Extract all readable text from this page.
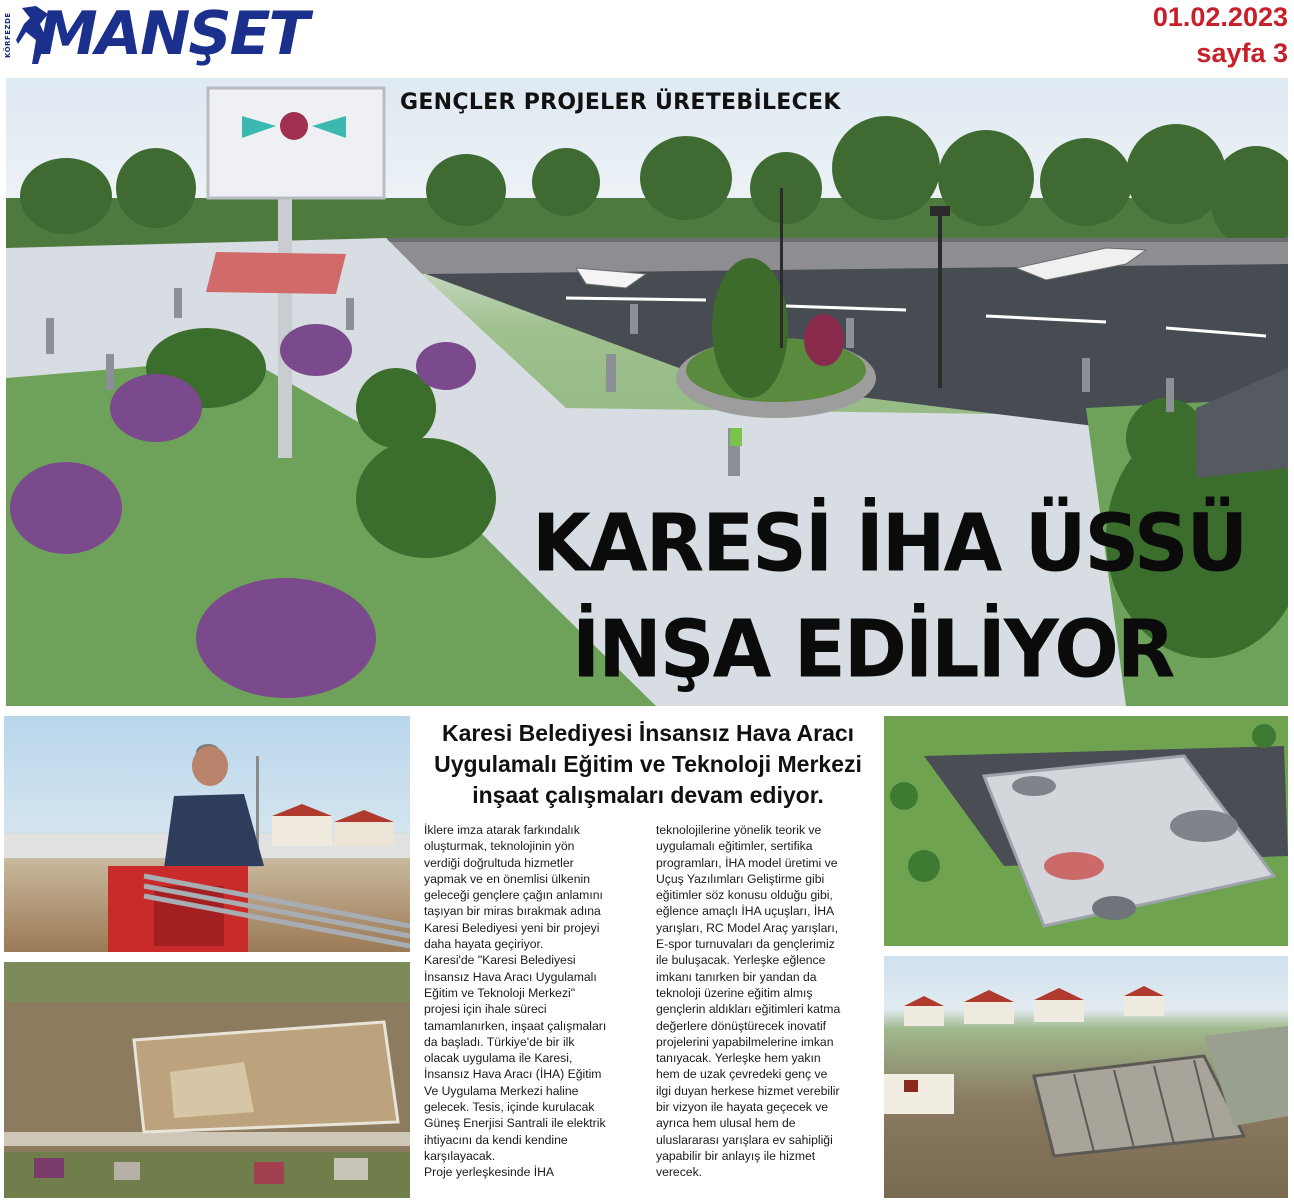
KÖRFEZDE MANŞET	01.02.2023
sayfa 3
GENÇLER PROJELER ÜRETEBİLECEK
KARESİ İHA ÜSSÜ
İNŞA EDİLİYOR
Karesi Belediyesi İnsansız Hava Aracı
Uygulamalı Eğitim ve Teknoloji Merkezi
inşaat çalışmaları devam ediyor.

İklere imza atarak farkındalık

oluşturmak, teknolojinin yön

verdiği doğrultuda hizmetler

yapmak ve en önemlisi ülkenin

geleceği gençlere çağın anlamını

taşıyan bir miras bırakmak adına

Karesi Belediyesi yeni bir projeyi

daha hayata geçiriyor.

Karesi'de "Karesi Belediyesi

İnsansız Hava Aracı Uygulamalı

Eğitim ve Teknoloji Merkezi"

projesi için ihale süreci

tamamlanırken, inşaat çalışmaları

da başladı. Türkiye'de bir ilk

olacak uygulama ile Karesi,

İnsansız Hava Aracı (İHA) Eğitim

Ve Uygulama Merkezi haline

gelecek. Tesis, içinde kurulacak

Güneş Enerjisi Santrali ile elektrik

ihtiyacını da kendi kendine

karşılayacak.

Proje yerleşkesinde İHA

teknolojilerine yönelik teorik ve

uygulamalı eğitimler, sertifika

programları, İHA model üretimi ve

Uçuş Yazılımları Geliştirme gibi

eğitimler söz konusu olduğu gibi,

eğlence amaçlı İHA uçuşları, İHA

yarışları, RC Model Araç yarışları,

E-spor turnuvaları da gençlerimiz

ile buluşacak. Yerleşke eğlence

imkanı tanırken bir yandan da

teknoloji üzerine eğitim almış

gençlerin aldıkları eğitimleri katma

değerlere dönüştürecek inovatif

projelerini yapabilmelerine imkan

tanıyacak. Yerleşke hem yakın

hem de uzak çevredeki genç ve

ilgi duyan herkese hizmet verebilir

bir vizyon ile hayata geçecek ve

ayrıca hem ulusal hem de

uluslararası yarışlara ev sahipliği

yapabilir bir anlayış ile hizmet

verecek.
